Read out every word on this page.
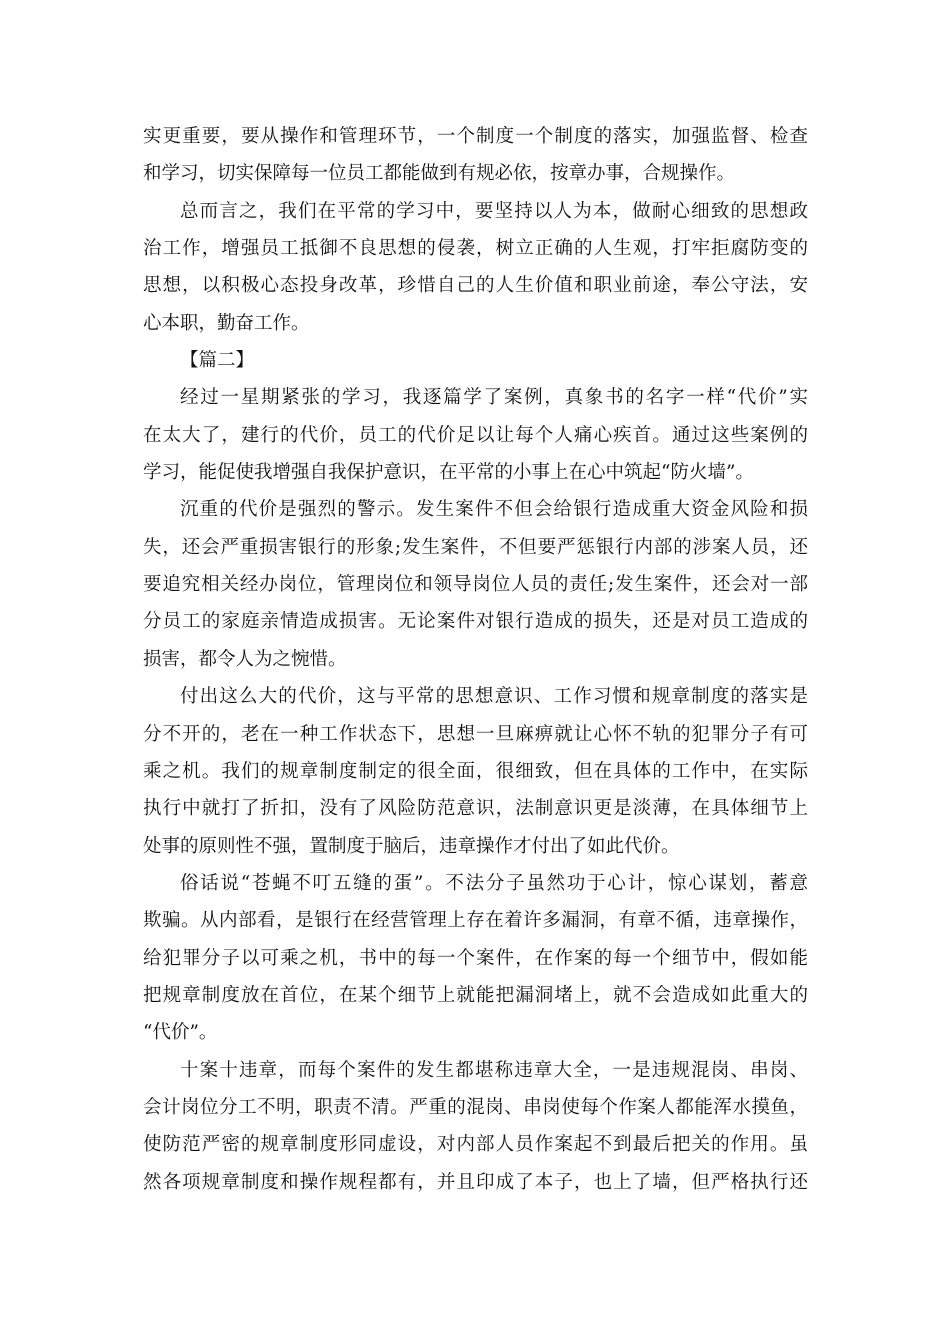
实更重要，要从操作和管理环节，一个制度一个制度的落实，加强监督、检查
和学习，切实保障每一位员工都能做到有规必依，按章办事，合规操作。
总而言之，我们在平常的学习中，要坚持以人为本，做耐心细致的思想政
治工作，增强员工抵御不良思想的侵袭，树立正确的人生观，打牢拒腐防变的
思想，以积极心态投身改革，珍惜自己的人生价值和职业前途，奉公守法，安
心本职，勤奋工作。
【篇二】
经过一星期紧张的学习，我逐篇学了案例，真象书的名字一样“代价”实
在太大了，建行的代价，员工的代价足以让每个人痛心疾首。通过这些案例的
学习，能促使我增强自我保护意识，在平常的小事上在心中筑起“防火墙”。
沉重的代价是强烈的警示。发生案件不但会给银行造成重大资金风险和损
失，还会严重损害银行的形象;发生案件，不但要严惩银行内部的涉案人员，还
要追究相关经办岗位，管理岗位和领导岗位人员的责任;发生案件，还会对一部
分员工的家庭亲情造成损害。无论案件对银行造成的损失，还是对员工造成的
损害，都令人为之惋惜。
付出这么大的代价，这与平常的思想意识、工作习惯和规章制度的落实是
分不开的，老在一种工作状态下，思想一旦麻痹就让心怀不轨的犯罪分子有可
乘之机。我们的规章制度制定的很全面，很细致，但在具体的工作中，在实际
执行中就打了折扣，没有了风险防范意识，法制意识更是淡薄，在具体细节上
处事的原则性不强，置制度于脑后，违章操作才付出了如此代价。
俗话说“苍蝇不叮五缝的蛋”。不法分子虽然功于心计，惊心谋划，蓄意
欺骗。从内部看，是银行在经营管理上存在着许多漏洞，有章不循，违章操作，
给犯罪分子以可乘之机，书中的每一个案件，在作案的每一个细节中，假如能
把规章制度放在首位，在某个细节上就能把漏洞堵上，就不会造成如此重大的
“代价”。
十案十违章，而每个案件的发生都堪称违章大全，一是违规混岗、串岗、
会计岗位分工不明，职责不清。严重的混岗、串岗使每个作案人都能浑水摸鱼，
使防范严密的规章制度形同虚设，对内部人员作案起不到最后把关的作用。虽
然各项规章制度和操作规程都有，并且印成了本子，也上了墙，但严格执行还
